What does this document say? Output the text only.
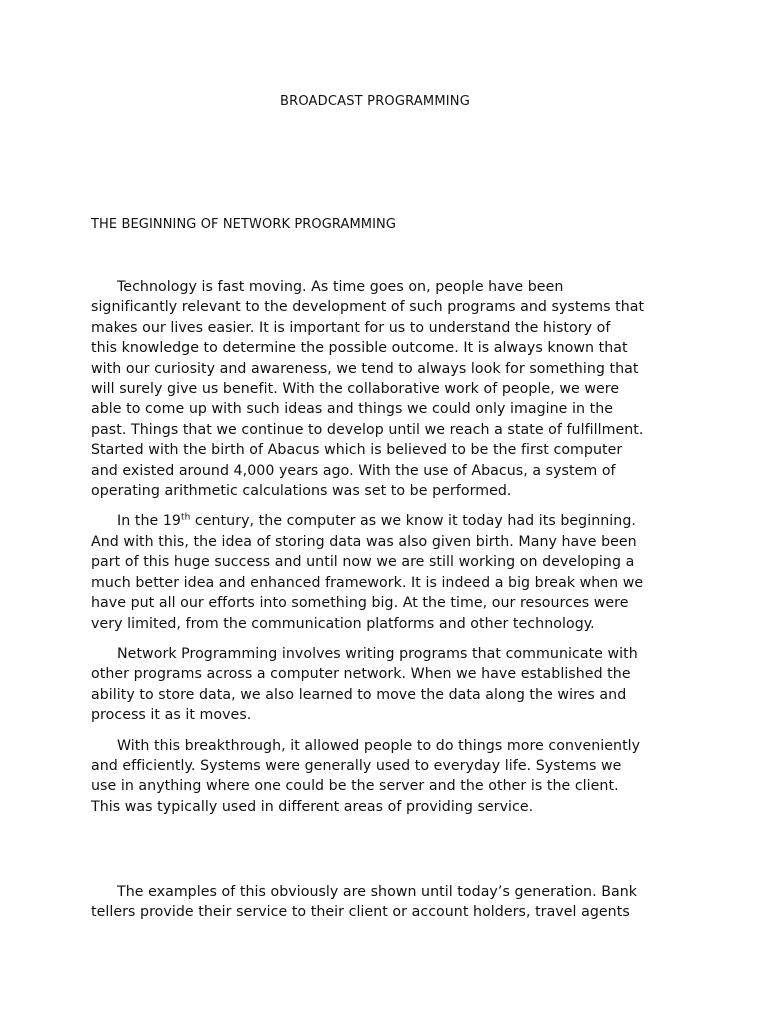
BROADCAST PROGRAMMING
THE BEGINNING OF NETWORK PROGRAMMING

Technology is fast moving. As time goes on, people have been
significantly relevant to the development of such programs and systems that
makes our lives easier. It is important for us to understand the history of
this knowledge to determine the possible outcome. It is always known that
with our curiosity and awareness, we tend to always look for something that
will surely give us benefit. With the collaborative work of people, we were
able to come up with such ideas and things we could only imagine in the
past. Things that we continue to develop until we reach a state of fulfillment.
Started with the birth of Abacus which is believed to be the first computer
and existed around 4,000 years ago. With the use of Abacus, a system of
operating arithmetic calculations was set to be performed.

In the 19th century, the computer as we know it today had its beginning.
And with this, the idea of storing data was also given birth. Many have been
part of this huge success and until now we are still working on developing a
much better idea and enhanced framework. It is indeed a big break when we
have put all our efforts into something big. At the time, our resources were
very limited, from the communication platforms and other technology.

Network Programming involves writing programs that communicate with
other programs across a computer network. When we have established the
ability to store data, we also learned to move the data along the wires and
process it as it moves.

With this breakthrough, it allowed people to do things more conveniently
and efficiently. Systems were generally used to everyday life. Systems we
use in anything where one could be the server and the other is the client.
This was typically used in different areas of providing service.

The examples of this obviously are shown until today’s generation. Bank
tellers provide their service to their client or account holders, travel agents
